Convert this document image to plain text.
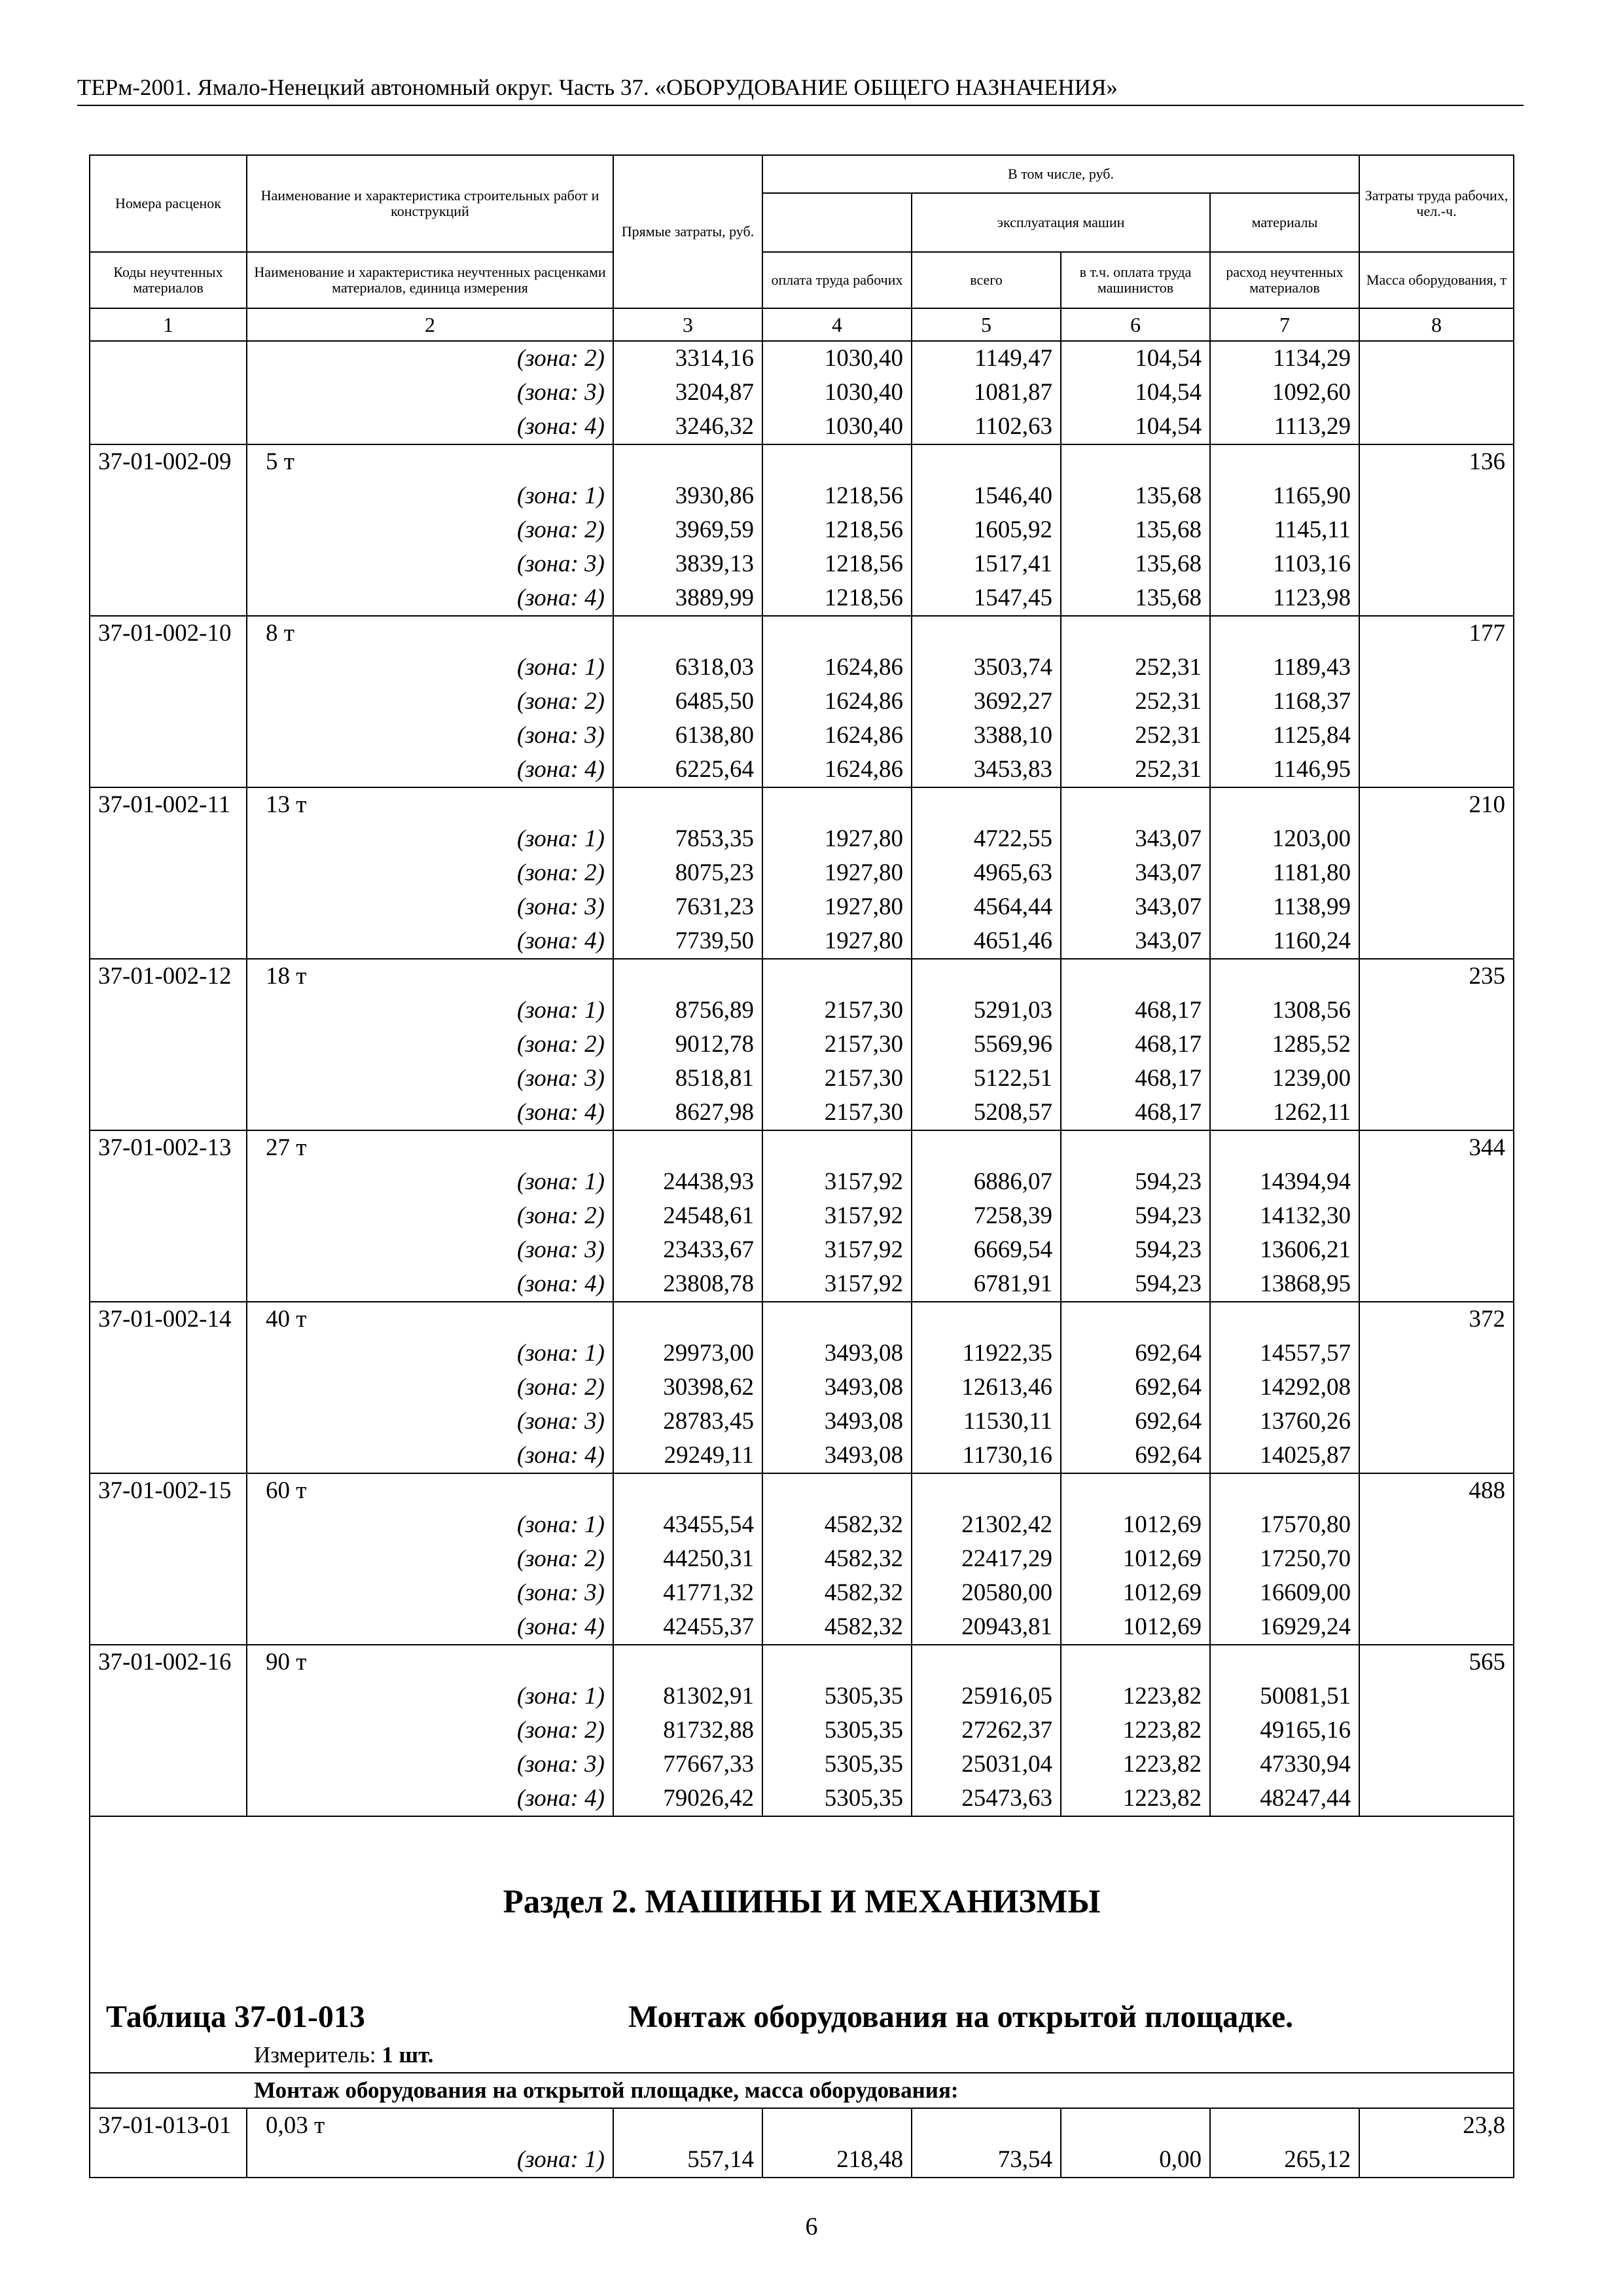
ТЕРм-2001. Ямало-Ненецкий автономный округ. Часть 37. «ОБОРУДОВАНИЕ ОБЩЕГО НАЗНАЧЕНИЯ»
Номера расценок	Наименование и характеристика строительных работ и конструкций	Прямые затраты, руб.	В том числе, руб.				Затраты труда рабочих, чел.-ч.
				эксплуатация машин		материалы	
Коды неучтенных материалов	Наименование и характеристика неучтенных расценками материалов, единица измерения		оплата труда рабочих	всего	в т.ч. оплата труда машинистов	расход неучтенных материалов	Масса оборудования, т
1	2	3	4	5	6	7	8
	(зона: 2)	3314,16	1030,40	1149,47	104,54	1134,29	
	(зона: 3)	3204,87	1030,40	1081,87	104,54	1092,60	
	(зона: 4)	3246,32	1030,40	1102,63	104,54	1113,29	
37-01-002-09	5 т						136
	(зона: 1)	3930,86	1218,56	1546,40	135,68	1165,90	
	(зона: 2)	3969,59	1218,56	1605,92	135,68	1145,11	
	(зона: 3)	3839,13	1218,56	1517,41	135,68	1103,16	
	(зона: 4)	3889,99	1218,56	1547,45	135,68	1123,98	
37-01-002-10	8 т						177
	(зона: 1)	6318,03	1624,86	3503,74	252,31	1189,43	
	(зона: 2)	6485,50	1624,86	3692,27	252,31	1168,37	
	(зона: 3)	6138,80	1624,86	3388,10	252,31	1125,84	
	(зона: 4)	6225,64	1624,86	3453,83	252,31	1146,95	
37-01-002-11	13 т						210
	(зона: 1)	7853,35	1927,80	4722,55	343,07	1203,00	
	(зона: 2)	8075,23	1927,80	4965,63	343,07	1181,80	
	(зона: 3)	7631,23	1927,80	4564,44	343,07	1138,99	
	(зона: 4)	7739,50	1927,80	4651,46	343,07	1160,24	
37-01-002-12	18 т						235
	(зона: 1)	8756,89	2157,30	5291,03	468,17	1308,56	
	(зона: 2)	9012,78	2157,30	5569,96	468,17	1285,52	
	(зона: 3)	8518,81	2157,30	5122,51	468,17	1239,00	
	(зона: 4)	8627,98	2157,30	5208,57	468,17	1262,11	
37-01-002-13	27 т						344
	(зона: 1)	24438,93	3157,92	6886,07	594,23	14394,94	
	(зона: 2)	24548,61	3157,92	7258,39	594,23	14132,30	
	(зона: 3)	23433,67	3157,92	6669,54	594,23	13606,21	
	(зона: 4)	23808,78	3157,92	6781,91	594,23	13868,95	
37-01-002-14	40 т						372
	(зона: 1)	29973,00	3493,08	11922,35	692,64	14557,57	
	(зона: 2)	30398,62	3493,08	12613,46	692,64	14292,08	
	(зона: 3)	28783,45	3493,08	11530,11	692,64	13760,26	
	(зона: 4)	29249,11	3493,08	11730,16	692,64	14025,87	
37-01-002-15	60 т						488
	(зона: 1)	43455,54	4582,32	21302,42	1012,69	17570,80	
	(зона: 2)	44250,31	4582,32	22417,29	1012,69	17250,70	
	(зона: 3)	41771,32	4582,32	20580,00	1012,69	16609,00	
	(зона: 4)	42455,37	4582,32	20943,81	1012,69	16929,24	
37-01-002-16	90 т						565
	(зона: 1)	81302,91	5305,35	25916,05	1223,82	50081,51	
	(зона: 2)	81732,88	5305,35	27262,37	1223,82	49165,16	
	(зона: 3)	77667,33	5305,35	25031,04	1223,82	47330,94	
	(зона: 4)	79026,42	5305,35	25473,63	1223,82	48247,44	

Раздел 2. МАШИНЫ И МЕХАНИЗМЫ
Таблица 37-01-013 Монтаж оборудования на открытой площадке.
Измеритель: 1 шт.							

Монтаж оборудования на открытой площадке, масса оборудования:							
37-01-013-01	0,03 т						23,8
	(зона: 1)	557,14	218,48	73,54	0,00	265,12	
6
